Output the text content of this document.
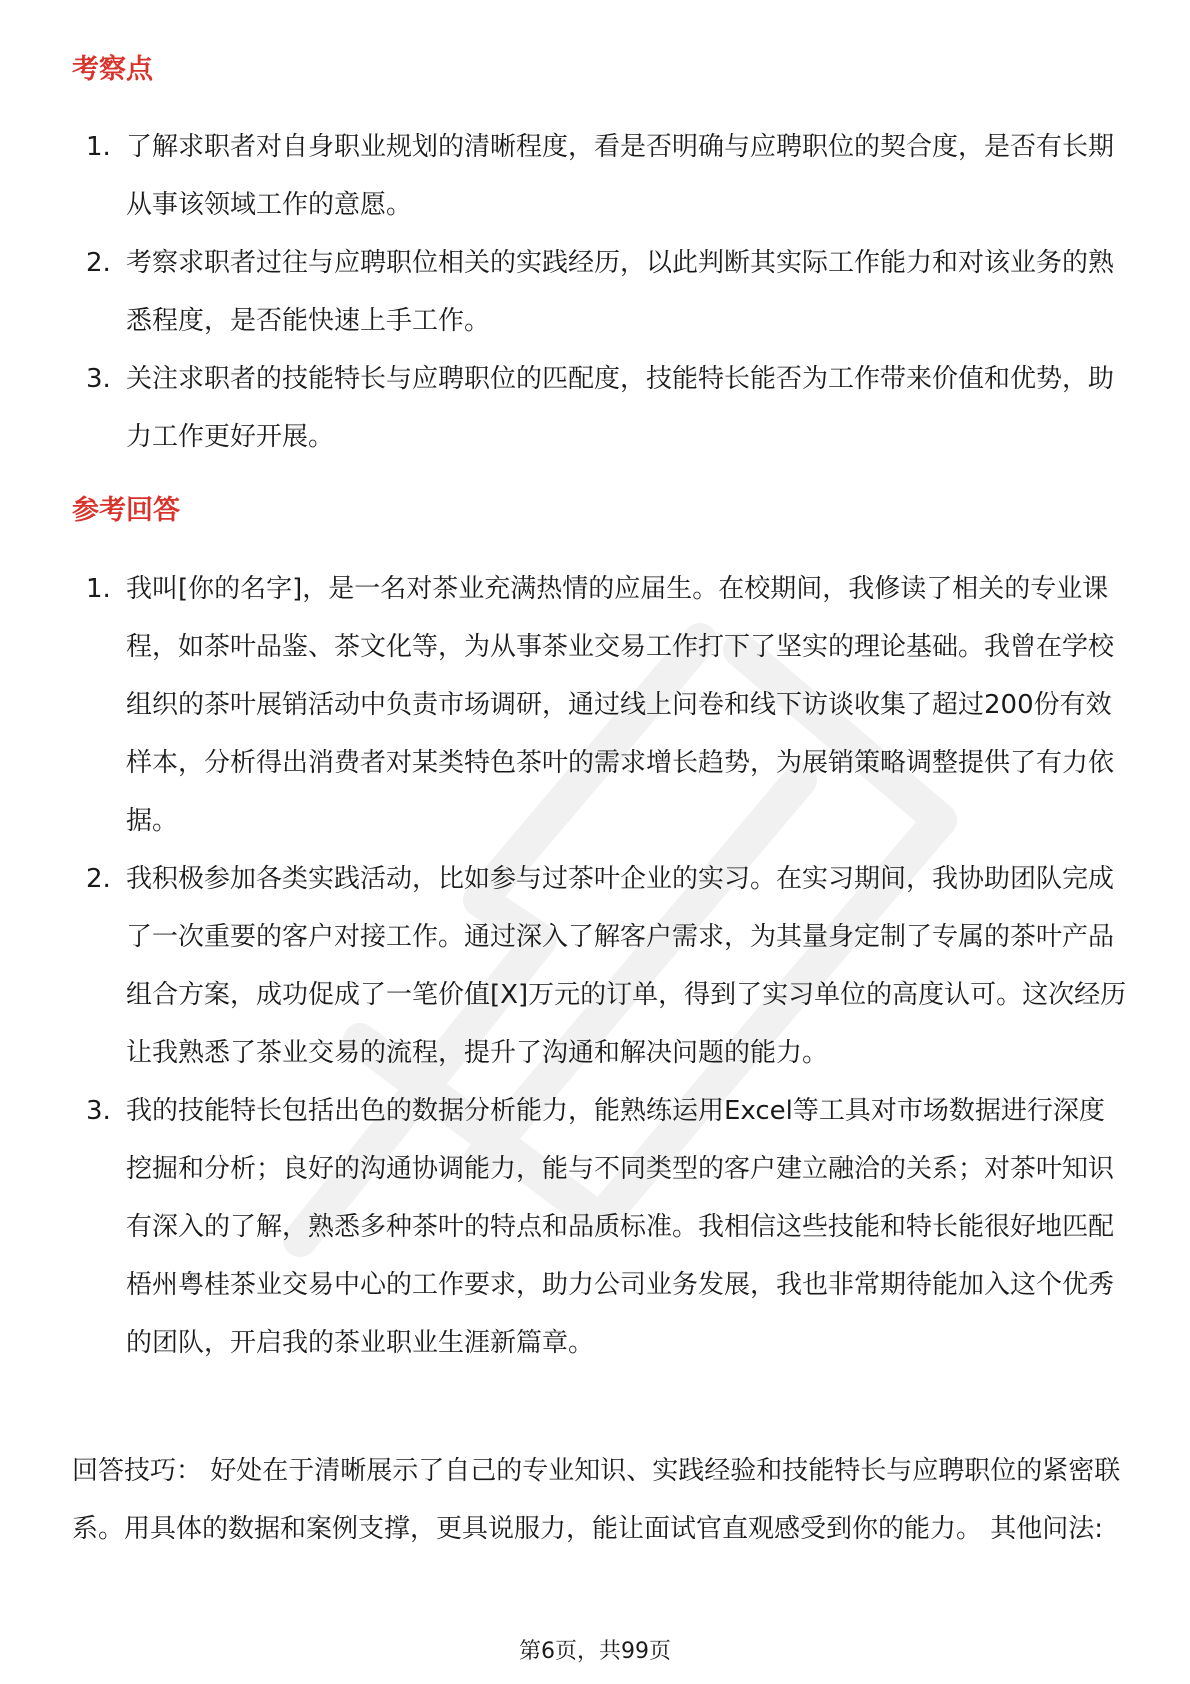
考察点
1. 了解求职者对自身职业规划的清晰程度，看是否明确与应聘职位的契合度，是否有长期从事该领域工作的意愿。
2. 考察求职者过往与应聘职位相关的实践经历，以此判断其实际工作能力和对该业务的熟悉程度，是否能快速上手工作。
3. 关注求职者的技能特长与应聘职位的匹配度，技能特长能否为工作带来价值和优势，助力工作更好开展。
参考回答
1. 我叫[你的名字]，是一名对茶业充满热情的应届生。在校期间，我修读了相关的专业课程，如茶叶品鉴、茶文化等，为从事茶业交易工作打下了坚实的理论基础。我曾在学校组织的茶叶展销活动中负责市场调研，通过线上问卷和线下访谈收集了超过200份有效样本，分析得出消费者对某类特色茶叶的需求增长趋势，为展销策略调整提供了有力依据。
2. 我积极参加各类实践活动，比如参与过茶叶企业的实习。在实习期间，我协助团队完成了一次重要的客户对接工作。通过深入了解客户需求，为其量身定制了专属的茶叶产品组合方案，成功促成了一笔价值[X]万元的订单，得到了实习单位的高度认可。这次经历让我熟悉了茶业交易的流程，提升了沟通和解决问题的能力。
3. 我的技能特长包括出色的数据分析能力，能熟练运用Excel等工具对市场数据进行深度挖掘和分析；良好的沟通协调能力，能与不同类型的客户建立融洽的关系；对茶叶知识有深入的了解，熟悉多种茶叶的特点和品质标准。我相信这些技能和特长能很好地匹配梧州粤桂茶业交易中心的工作要求，助力公司业务发展，我也非常期待能加入这个优秀的团队，开启我的茶业职业生涯新篇章。

回答技巧： 好处在于清晰展示了自己的专业知识、实践经验和技能特长与应聘职位的紧密联系。用具体的数据和案例支撑，更具说服力，能让面试官直观感受到你的能力。 其他问法:

第6页，共99页
